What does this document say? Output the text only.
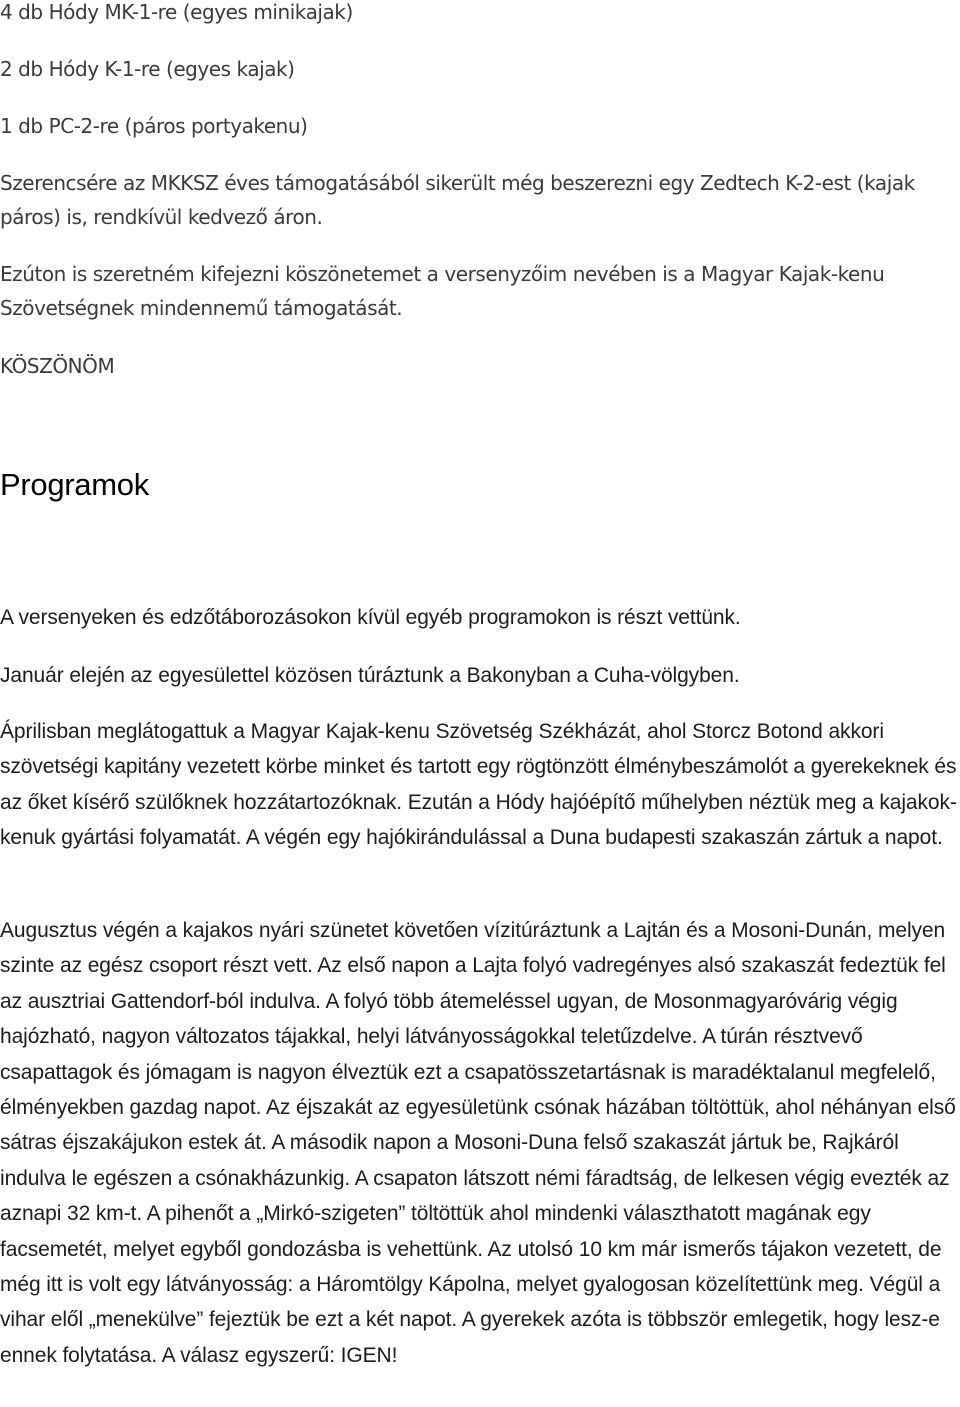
4 db Hódy MK-1-re (egyes minikajak)

2 db Hódy K-1-re (egyes kajak)

1 db PC-2-re (páros portyakenu)

Szerencsére az MKKSZ éves támogatásából sikerült még beszerezni egy Zedtech K-2-est (kajak páros) is, rendkívül kedvező áron.

Ezúton is szeretném kifejezni köszönetemet a versenyzőim nevében is a Magyar Kajak-kenu Szövetségnek mindennemű támogatását.

KÖSZÖNÖM

Programok

A versenyeken és edzőtáborozásokon kívül egyéb programokon is részt vettünk.

Január elején az egyesülettel közösen túráztunk a Bakonyban a Cuha-völgyben.

Áprilisban meglátogattuk a Magyar Kajak-kenu Szövetség Székházát, ahol Storcz Botond akkori szövetségi kapitány vezetett körbe minket és tartott egy rögtönzött élménybeszámolót a gyerekeknek és az őket kísérő szülőknek hozzátartozóknak. Ezután a Hódy hajóépítő műhelyben néztük meg a kajakok-kenuk gyártási folyamatát. A végén egy hajókirándulással a Duna budapesti szakaszán zártuk a napot.

Augusztus végén a kajakos nyári szünetet követően vízitúráztunk a Lajtán és a Mosoni-Dunán, melyen szinte az egész csoport részt vett. Az első napon a Lajta folyó vadregényes alsó szakaszát fedeztük fel az ausztriai Gattendorf-ból indulva. A folyó több átemeléssel ugyan, de Mosonmagyaróvárig végig hajózható, nagyon változatos tájakkal, helyi látványosságokkal teletűzdelve. A túrán résztvevő csapattagok és jómagam is nagyon élveztük ezt a csapatösszetartásnak is maradéktalanul megfelelő, élményekben gazdag napot. Az éjszakát az egyesületünk csónak házában töltöttük, ahol néhányan első sátras éjszakájukon estek át. A második napon a Mosoni-Duna felső szakaszát jártuk be, Rajkáról indulva le egészen a csónakházunkig. A csapaton látszott némi fáradtság, de lelkesen végig evezték az aznapi 32 km-t. A pihenőt a „Mirkó-szigeten” töltöttük ahol mindenki választhatott magának egy facsemetét, melyet egyből gondozásba is vehettünk. Az utolsó 10 km már ismerős tájakon vezetett, de még itt is volt egy látványosság: a Háromtölgy Kápolna, melyet gyalogosan közelítettünk meg. Végül a vihar elől „menekülve” fejeztük be ezt a két napot. A gyerekek azóta is többször emlegetik, hogy lesz-e ennek folytatása. A válasz egyszerű: IGEN!
